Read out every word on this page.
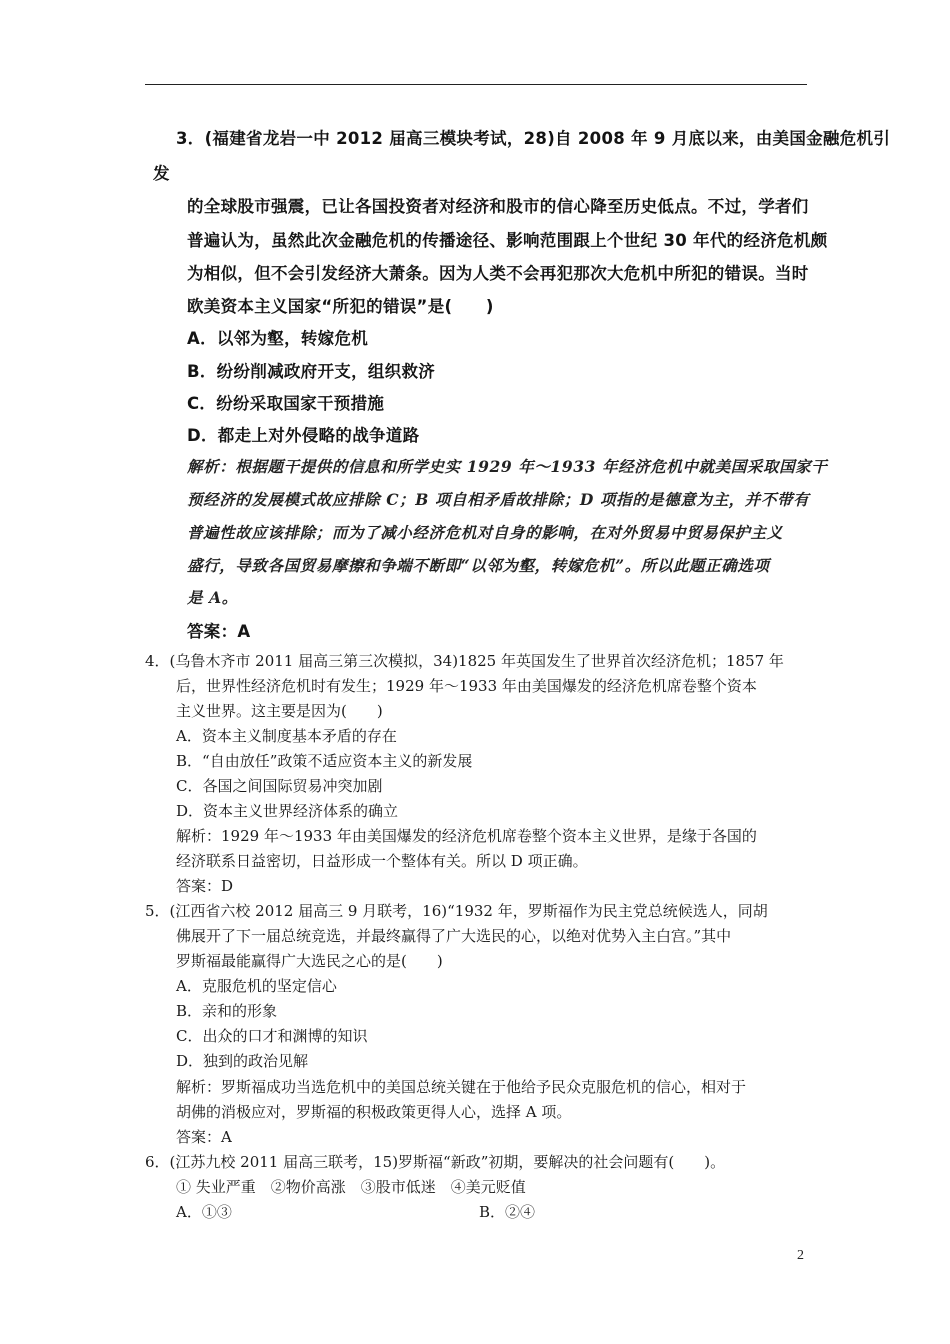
3．(福建省龙岩一中 2012 届高三模块考试，28)自 2008 年 9 月底以来，由美国金融危机引
发
的全球股市强震，已让各国投资者对经济和股市的信心降至历史低点。不过，学者们
普遍认为，虽然此次金融危机的传播途径、影响范围跟上个世纪 30 年代的经济危机颇
为相似，但不会引发经济大萧条。因为人类不会再犯那次大危机中所犯的错误。当时
欧美资本主义国家“所犯的错误”是(　　)
A．以邻为壑，转嫁危机
B．纷纷削减政府开支，组织救济
C．纷纷采取国家干预措施
D．都走上对外侵略的战争道路
解析：根据题干提供的信息和所学史实 1929 年～1933 年经济危机中就美国采取国家干
预经济的发展模式故应排除 C；B 项自相矛盾故排除；D 项指的是德意为主，并不带有
普遍性故应该排除；而为了减小经济危机对自身的影响，在对外贸易中贸易保护主义
盛行，导致各国贸易摩擦和争端不断即“以邻为壑，转嫁危机”。所以此题正确选项
是 A。
答案：A
4．(乌鲁木齐市 2011 届高三第三次模拟，34)1825 年英国发生了世界首次经济危机；1857 年
后，世界性经济危机时有发生；1929 年～1933 年由美国爆发的经济危机席卷整个资本
主义世界。这主要是因为(　　)
A．资本主义制度基本矛盾的存在
B．“自由放任”政策不适应资本主义的新发展
C．各国之间国际贸易冲突加剧
D．资本主义世界经济体系的确立
解析：1929 年～1933 年由美国爆发的经济危机席卷整个资本主义世界，是缘于各国的
经济联系日益密切，日益形成一个整体有关。所以 D 项正确。
答案：D
5．(江西省六校 2012 届高三 9 月联考，16)“1932 年，罗斯福作为民主党总统候选人，同胡
佛展开了下一届总统竞选，并最终赢得了广大选民的心，以绝对优势入主白宫。”其中
罗斯福最能赢得广大选民之心的是(　　)
A．克服危机的坚定信心
B．亲和的形象
C．出众的口才和渊博的知识
D．独到的政治见解
解析：罗斯福成功当选危机中的美国总统关键在于他给予民众克服危机的信心，相对于
胡佛的消极应对，罗斯福的积极政策更得人心，选择 A 项。
答案：A
6．(江苏九校 2011 届高三联考，15)罗斯福“新政”初期，要解决的社会问题有(　　)。
① 失业严重　②物价高涨　③股市低迷　④美元贬值
A．①③	B．②④
2
